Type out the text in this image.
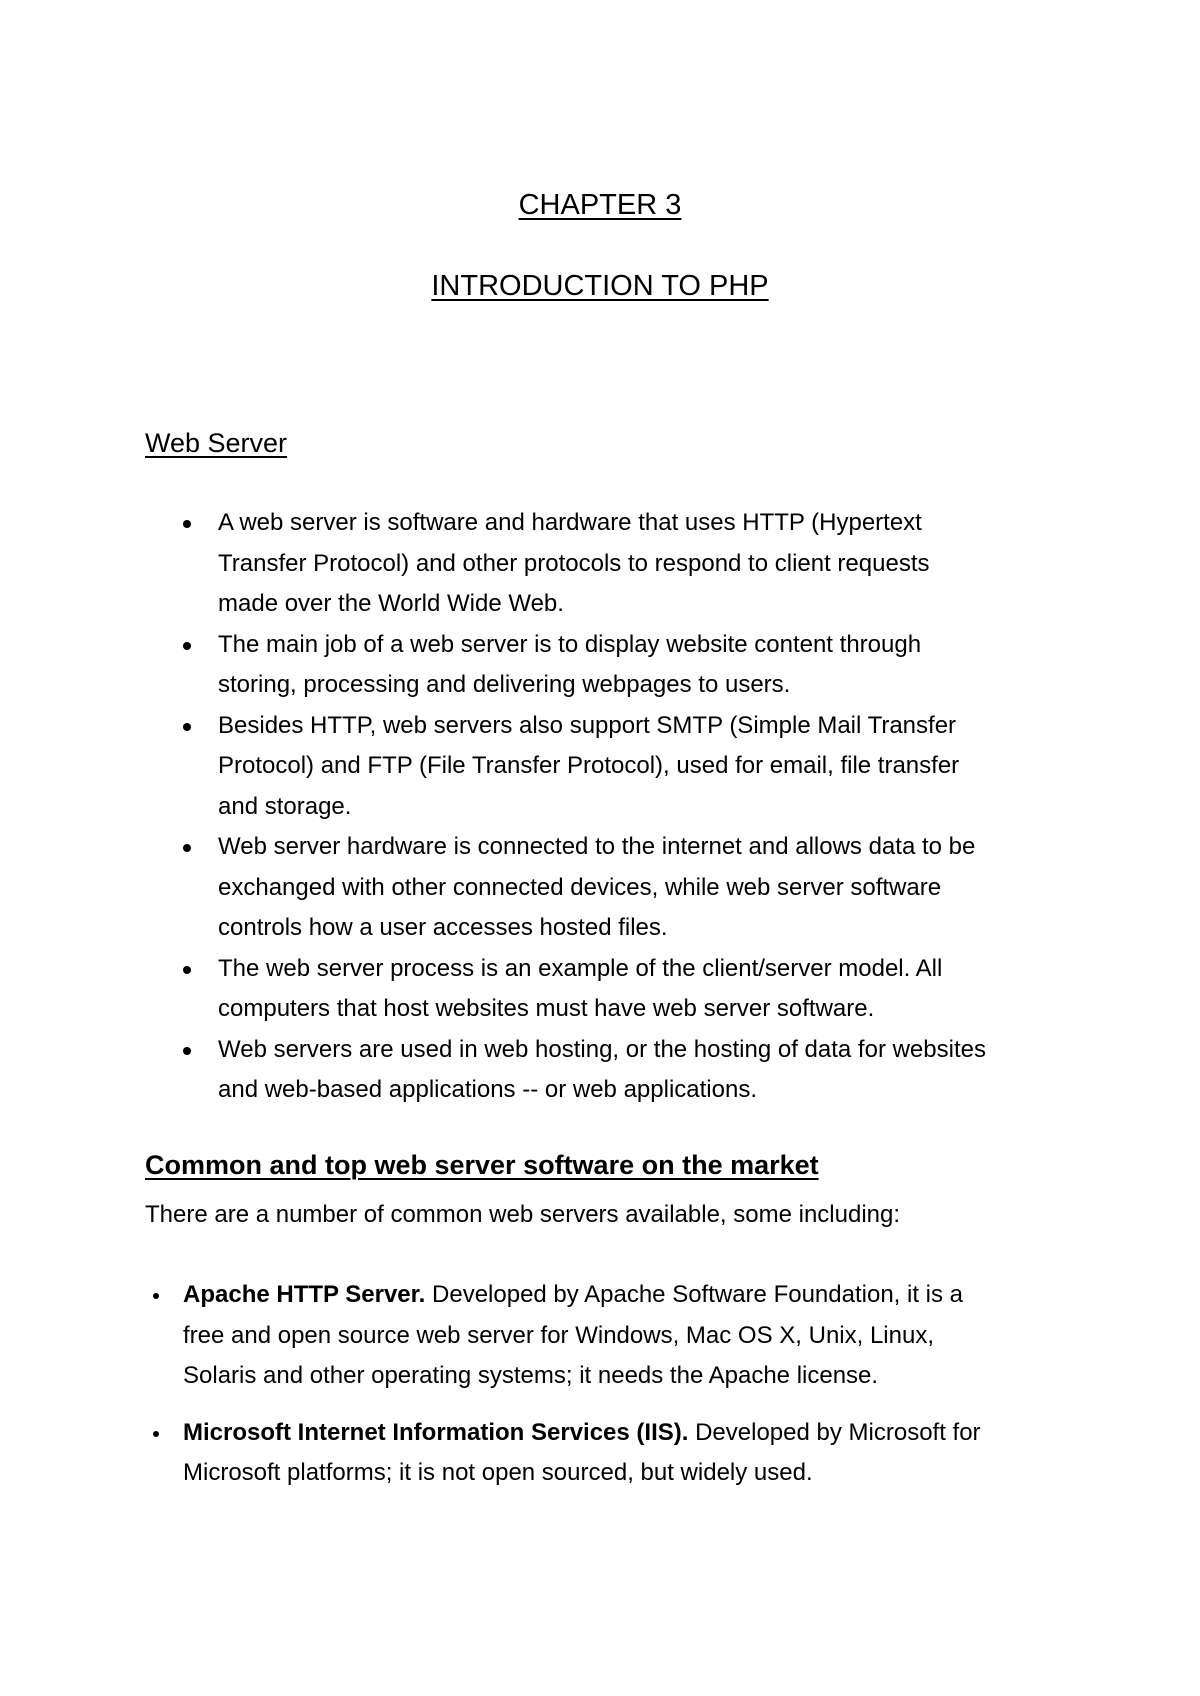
CHAPTER 3
INTRODUCTION TO PHP
Web Server
A web server is software and hardware that uses HTTP (Hypertext
Transfer Protocol) and other protocols to respond to client requests
made over the World Wide Web.
The main job of a web server is to display website content through
storing, processing and delivering webpages to users.
Besides HTTP, web servers also support SMTP (Simple Mail Transfer
Protocol) and FTP (File Transfer Protocol), used for email, file transfer
and storage.
Web server hardware is connected to the internet and allows data to be
exchanged with other connected devices, while web server software
controls how a user accesses hosted files.
The web server process is an example of the client/server model. All
computers that host websites must have web server software.
Web servers are used in web hosting, or the hosting of data for websites
and web-based applications -- or web applications.
Common and top web server software on the market
There are a number of common web servers available, some including:
Apache HTTP Server. Developed by Apache Software Foundation, it is a
free and open source web server for Windows, Mac OS X, Unix, Linux,
Solaris and other operating systems; it needs the Apache license.
Microsoft Internet Information Services (IIS). Developed by Microsoft for
Microsoft platforms; it is not open sourced, but widely used.
